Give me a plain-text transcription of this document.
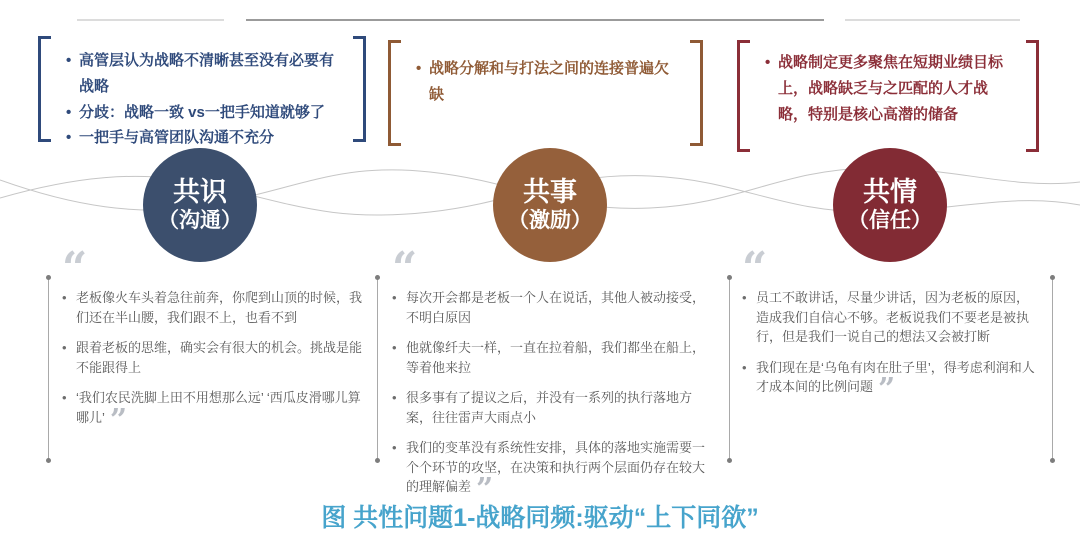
• 高管层认为战略不清晰甚至没有必要有战略
• 分歧：战略一致 vs一把手知道就够了
• 一把手与高管团队沟通不充分
• 战略分解和与打法之间的连接普遍欠缺
• 战略制定更多聚焦在短期业绩目标上，战略缺乏与之匹配的人才战略，特别是核心高潜的储备
共识
（沟通）
共事
（激励）
共情
（信任）
“
• 老板像火车头着急往前奔，你爬到山顶的时候，我们还在半山腰，我们跟不上，也看不到
• 跟着老板的思维，确实会有很大的机会。挑战是能不能跟得上
• ‘我们农民洗脚上田不用想那么远’ ‘西瓜皮滑哪儿算哪儿’ ”
“
• 每次开会都是老板一个人在说话，其他人被动接受，不明白原因
• 他就像纤夫一样，一直在拉着船，我们都坐在船上，等着他来拉
• 很多事有了提议之后，并没有一系列的执行落地方案，往往雷声大雨点小
• 我们的变革没有系统性安排，具体的落地实施需要一个个环节的攻坚，在决策和执行两个层面仍存在较大的理解偏差 ”
“
• 员工不敢讲话，尽量少讲话，因为老板的原因，造成我们自信心不够。老板说我们不要老是被执行，但是我们一说自己的想法又会被打断
• 我们现在是‘乌龟有肉在肚子里’，得考虑利润和人才成本间的比例问题 ”
图 共性问题1-战略同频:驱动“上下同欲”
